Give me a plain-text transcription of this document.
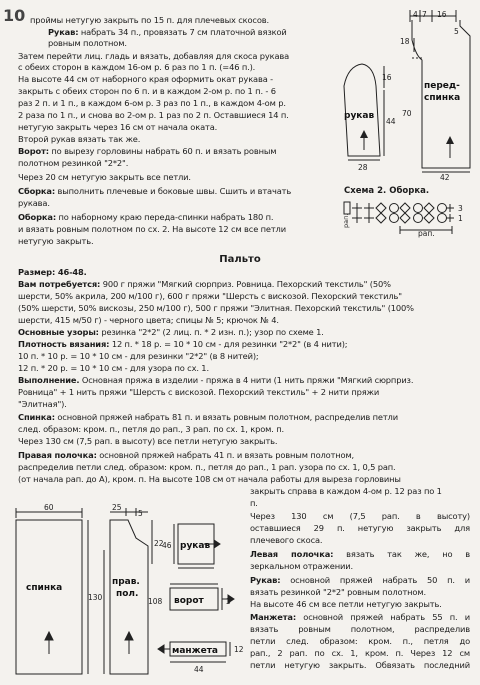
10 проймы нетугую закрыть по 15 п. для плечевых скосов.
Рукав: набрать 34 п., провязать 7 см платочной вязкой
ровным полотном.
Затем перейти лиц. гладь и вязать, добавляя для скоса рукава
с обеих сторон в каждом 16-ом р. 6 раз по 1 п. (=46 п.).
На высоте 44 см от наборного края оформить окат рукава -
закрыть с обеих сторон по 6 п. и в каждом 2-ом р. по 1 п. - 6
раз 2 п. и 1 п., в каждом 6-ом р. 3 раз по 1 п., в каждом 4-ом р.
2 раза по 1 п., и снова во 2-ом р. 1 раз по 2 п. Оставшиеся 14 п.
нетугую закрыть через 16 см от начала оката.
Второй рукав вязать так же.
Ворот: по вырезу горловины набрать 60 п. и вязать ровным
полотном резинкой "2*2".
Через 20 см нетугую закрыть все петли.
Сборка: выполнить плечевые и боковые швы. Сшить и втачать
рукава.
Оборка: по наборному краю переда-спинки набрать 180 п.
и вязать ровным полотном по сх. 2. На высоте 12 см все петли
нетугую закрыть.
4 7 16
5
18
16
44
70
28
42
рукав
перед-
спинка
Схема 2. Оборка.
3
1
рап.
рап.
Пальто
Размер: 46-48.
Вам потребуется: 900 г пряжи "Мягкий сюрприз. Ровница. Пехорский текстиль" (50%
шерсти, 50% акрила, 200 м/100 г), 600 г пряжи "Шерсть с вискозой. Пехорский текстиль"
(50% шерсти, 50% вискозы, 250 м/100 г), 500 г пряжи "Элитная. Пехорский текстиль" (100%
шерсти, 415 м/50 г) - черного цвета; спицы № 5; крючок № 4.
Основные узоры: резинка "2*2" (2 лиц. п. * 2 изн. п.); узор по схеме 1.
Плотность вязания: 12 п. * 18 р. = 10 * 10 см - для резинки "2*2" (в 4 нити);
10 п. * 10 р. = 10 * 10 см - для резинки "2*2" (в 8 нитей);
12 п. * 20 р. = 10 * 10 см - для узора по сх. 1.
Выполнение. Основная пряжа в изделии - пряжа в 4 нити (1 нить пряжи "Мягкий сюрприз.
Ровница" + 1 нить пряжи "Шерсть с вискозой. Пехорский текстиль" + 2 нити пряжи
"Элитная").
Спинка: основной пряжей набрать 81 п. и вязать ровным полотном, распределив петли
след. образом: кром. п., петля до рап., 3 рап. по сх. 1, кром. п.
Через 130 см (7,5 рап. в высоту) все петли нетугую закрыть.
Правая полочка: основной пряжей набрать 41 п. и вязать ровным полотном,
распределив петли след. образом: кром. п., петля до рап., 1 рап. узора по сх. 1, 0,5 рап.
(от начала рап. до А), кром. п. На высоте 108 см от начала работы для выреза горловины
закрыть справа в каждом 4-ом р. 12 раз по 1
п.
Через 130 см (7,5 рап. в высоту)
оставшиеся 29 п. нетугую закрыть для
плечевого скоса.
Левая полочка: вязать так же, но в
зеркальном отражении.
Рукав: основной пряжей набрать 50 п. и
вязать резинкой "2*2" ровным полотном.
На высоте 46 см все петли нетугую закрыть.
Манжета: основной пряжей набрать 55 п. и
вязать ровным полотном, распределив
петли след. образом: кром. п., петля до
рап., 2 рап. по сх. 1, кром. п. Через 12 см
петли нетугую закрыть. Обвязать последний
60
130
25
5
22
46
108	3
12
44
спинка
прав.
пол.
рукав
ворот
манжета
